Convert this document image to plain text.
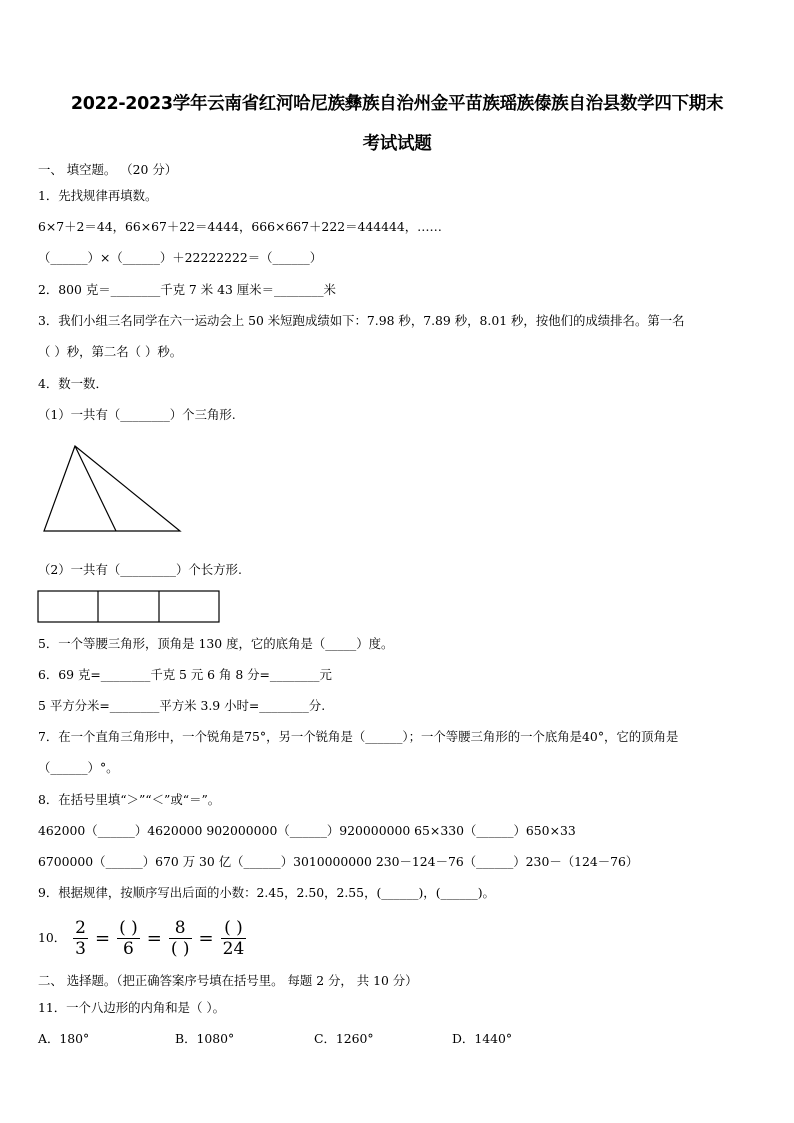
2022-2023学年云南省红河哈尼族彝族自治州金平苗族瑶族傣族自治县数学四下期末
考试试题
一、 填空题。 （20 分）
1．先找规律再填数。
6×7＋2＝44，66×67＋22＝4444，666×667＋222＝444444，……
（______）×（______）＋22222222＝（______）
2．800 克＝________千克 7 米 43 厘米＝________米
3．我们小组三名同学在六一运动会上 50 米短跑成绩如下：7.98 秒，7.89 秒，8.01 秒，按他们的成绩排名。第一名
（ ）秒，第二名（ ）秒。
4．数一数．
（1）一共有（________）个三角形.
（2）一共有（_________）个长方形.
5．一个等腰三角形，顶角是 130 度，它的底角是（_____）度。
6．69 克=________千克 5 元 6 角 8 分=________元
5 平方分米=________平方米 3.9 小时=________分.
7．在一个直角三角形中，一个锐角是75°，另一个锐角是（______）；一个等腰三角形的一个底角是40°，它的顶角是
（______）°。
8．在括号里填“＞”“＜”或“＝”。
462000（______）4620000 902000000（______）920000000 65×330（______）650×33
6700000（______）670 万 30 亿（______）3010000000 230－124－76（______）230－（124－76）
9．根据规律，按顺序写出后面的小数：2.45，2.50，2.55，(______)，(______)。
10． $\frac{2}{3} = \frac{( )}{6} = \frac{8}{( )} = \frac{( )}{24}$
二、 选择题。（把正确答案序号填在括号里。 每题 2 分， 共 10 分）
11．一个八边形的内角和是（ ）。
A．180°	B．1080°	C．1260°	D．1440°
